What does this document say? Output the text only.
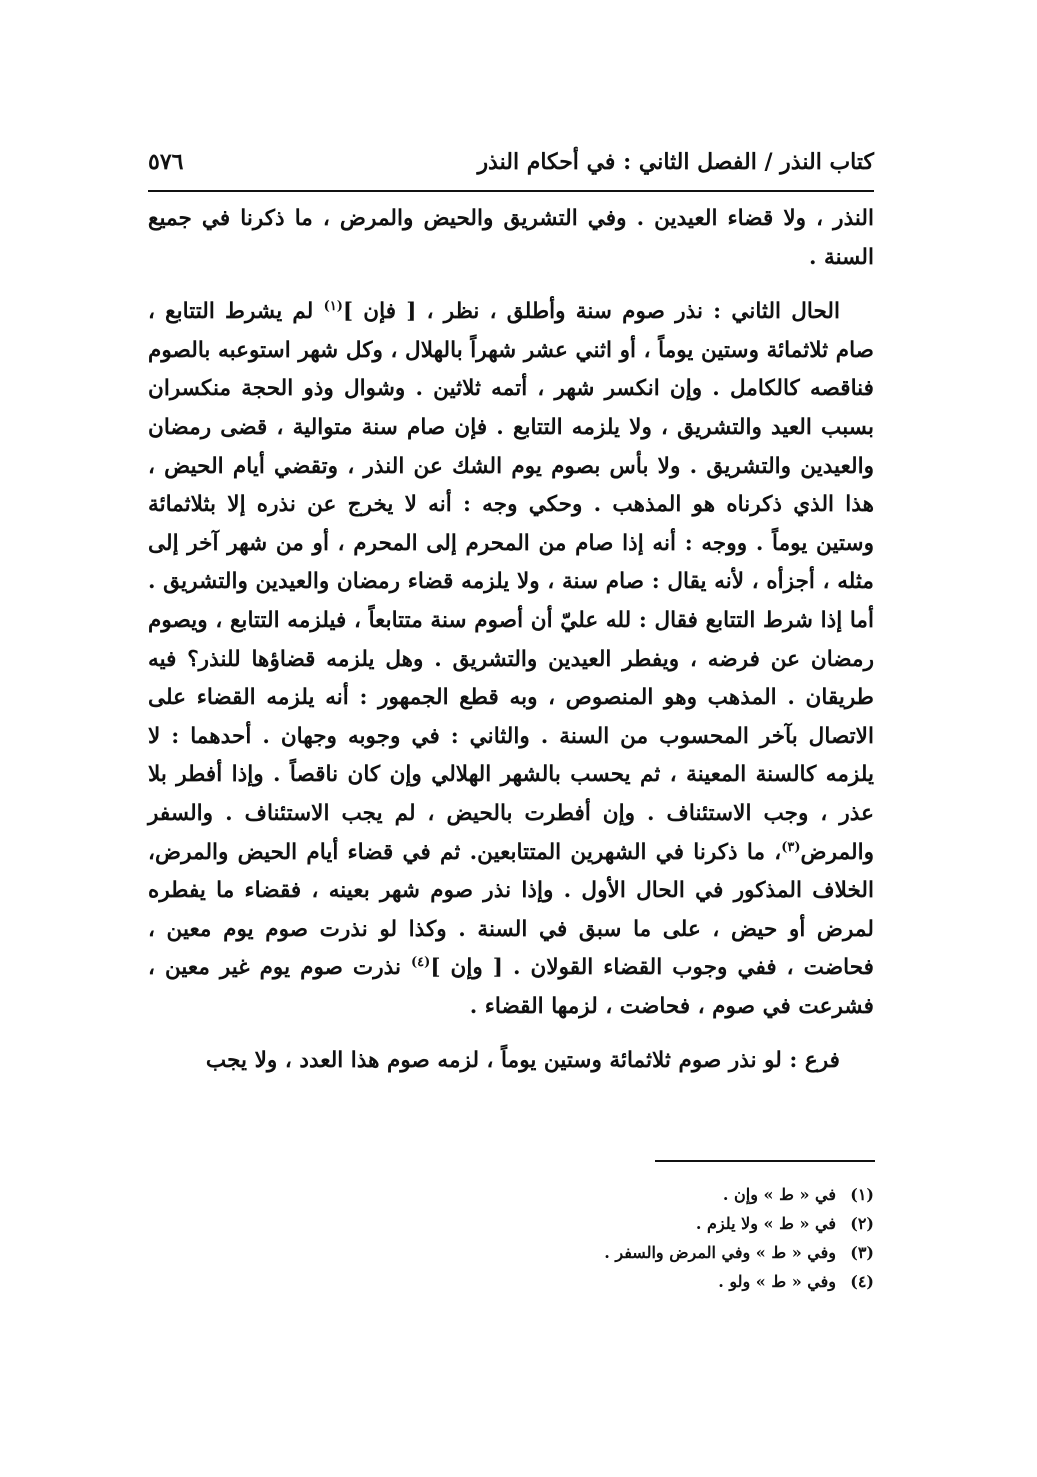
كتاب النذر / الفصل الثاني : في أحكام النذر
٥٧٦

النذر ، ولا قضاء العيدين . وفي التشريق والحيض والمرض ، ما ذكرنا في جميع السنة .

الحال الثاني : نذر صوم سنة وأطلق ، نظر ، [ فإن ]$^{(١)}$ لم يشرط التتابع ، صام ثلاثمائة وستين يوماً ، أو اثني عشر شهراً بالهلال ، وكل شهر استوعبه بالصوم فناقصه كالكامل . وإن انكسر شهر ، أتمه ثلاثين . وشوال وذو الحجة منكسران بسبب العيد والتشريق ، ولا يلزمه التتابع . فإن صام سنة متوالية ، قضى رمضان والعيدين والتشريق . ولا بأس بصوم يوم الشك عن النذر ، وتقضي أيام الحيض ، هذا الذي ذكرناه هو المذهب . وحكي وجه : أنه لا يخرج عن نذره إلا بثلاثمائة وستين يوماً . ووجه : أنه إذا صام من المحرم إلى المحرم ، أو من شهر آخر إلى مثله ، أجزأه ، لأنه يقال : صام سنة ، ولا يلزمه قضاء رمضان والعيدين والتشريق . أما إذا شرط التتابع فقال : لله عليّ أن أصوم سنة متتابعاً ، فيلزمه التتابع ، ويصوم رمضان عن فرضه ، ويفطر العيدين والتشريق . وهل يلزمه قضاؤها للنذر؟ فيه طريقان . المذهب وهو المنصوص ، وبه قطع الجمهور : أنه يلزمه القضاء على الاتصال بآخر المحسوب من السنة . والثاني : في وجوبه وجهان . أحدهما : لا يلزمه كالسنة المعينة ، ثم يحسب بالشهر الهلالي وإن كان ناقصاً . وإذا أفطر بلا عذر ، وجب الاستئناف . وإن أفطرت بالحيض ، لم يجب الاستئناف . والسفر والمرض$^{(٣)}$، ما ذكرنا في الشهرين المتتابعين. ثم في قضاء أيام الحيض والمرض، الخلاف المذكور في الحال الأول . وإذا نذر صوم شهر بعينه ، فقضاء ما يفطره لمرض أو حيض ، على ما سبق في السنة . وكذا لو نذرت صوم يوم معين ، فحاضت ، ففي وجوب القضاء القولان . [ وإن ]$^{(٤)}$ نذرت صوم يوم غير معين ، فشرعت في صوم ، فحاضت ، لزمها القضاء .

فرع : لو نذر صوم ثلاثمائة وستين يوماً ، لزمه صوم هذا العدد ، ولا يجب

(١)
في « ط » وإن .
(٢)
في « ط » ولا يلزم .
(٣)
وفي « ط » وفي المرض والسفر .
(٤)
وفي « ط » ولو .
